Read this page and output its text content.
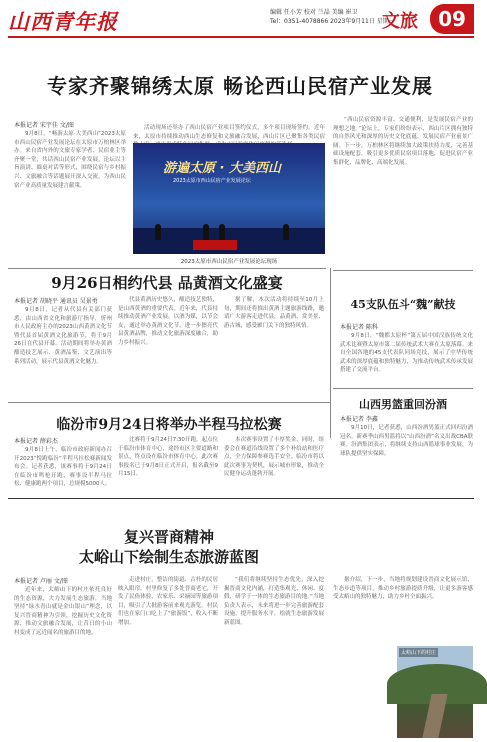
山西青年报	编辑 任小芳 校对 兰晶 美编 崔卫
Tel：0351-4078866 2023年9月11日 星期一
文旅	09
专家齐聚锦绣太原 畅论西山民宿产业发展
本报记者 宋宇佳 文/图

9月8日，“畅游太原·大美西山”2023太原市西山民宿产业发展论坛在太原市万柏林区举办。来自省内外的文旅专家学者、民宿业主等齐聚一堂，共话西山民宿产业发展。论坛以主旨演讲、圆桌对话等形式，围绕民宿与乡村振兴、文旅融合等话题展开深入交流，为西山民宿产业高质量发展建言献策。

活动现场还举办了西山民宿产业项目签约仪式，多个项目现场签约。近年来，太原市持续推动西山生态修复和文旅融合发展，西山片区已聚集各类民宿

游遍太原 · 大美西山
2023太原市西山民宿产业发展论坛
2023太原市西山民宿产业发展论坛现场

“西山民宿资源丰富、交通便利，是发展民宿产业的理想之地。”论坛上，专家们纷纷表示，西山片区拥有独特的自然风光和深厚的历史文化底蕴，发展民宿产业前景广阔。下一步，万柏林区将继续加大政策扶持力度，完善基础设施配套，吸引更多优质民宿项目落地，促进民宿产业集群化、品牌化、高端化发展。

9月26日相约代县 品黄酒文化盛宴
本报记者 胡晓平 通讯员 吴景勇

9月8日，记者从代县有关部门获悉，由山西省文化和旅游厅指导，忻州市人民政府主办的2023山西黄酒文化节暨代县首届黄酒文化旅游节，将于9月26日在代县开幕。活动期间将举办黄酒酿造技艺展示、黄酒品鉴、文艺演出等系列活动，展示代县黄酒文化魅力。

代县黄酒历史悠久，酿造技艺独特，是山西黄酒的重要代表。近年来，代县持续推动黄酒产业发展，以酒为媒，以节会友，通过举办黄酒文化节，进一步擦亮代县黄酒品牌，推动文化旅游深度融合，助力乡村振兴。

据了解，本次活动将持续至10月上旬，期间还将推出黄酒主题旅游线路，邀请广大游客走进代县，品黄酒、赏美景、游古城，感受雁门关下的独特风情。

45支队伍斗“魏”献技
本报记者 陈科

9月8日，“魏都太原杯”第五届中国汉族传统文化武术比赛暨太原市第二届传统武术大赛在太原落幕。来自全国各地的45支代表队同场竞技，展示了中华传统武术的深厚底蕴和独特魅力，为推动传统武术传承发展搭建了交流平台。

山西男篮重回汾酒
本报记者 李鑫

9月10日，记者获悉，山西汾酒男篮正式回归汾酒冠名。新赛季山西男篮将以“山西汾酒”名义出战CBA联赛。汾酒集团表示，将继续支持山西篮球事业发展，为球队提供坚实保障。

临汾市9月24日将举办半程马拉松赛
本报记者 薛彩杰

9月8日上午，临汾市政府新闻办召开2023“悦跑临汾”半程马拉松赛新闻发布会。记者获悉，该赛事将于9月24日在临汾市鸣枪开跑，赛事设半程马拉松、健康跑两个项目，总规模5000人。

比赛将于9月24日7:30开跑，起点位于临汾市体育中心，途经市区主要道路和景点，终点设在临汾市体育中心。此次赛事报名已于9月8日正式开启，报名截至9月15日。

本次赛事设置了丰厚奖金，同时，组委会在赛道沿线设置了多个补给站和医疗点，全力保障参赛选手安全。临汾市将以此次赛事为契机，展示城市形象，推动全民健身运动蓬勃开展。

复兴晋商精神
太峪山下绘制生态旅游蓝图
本报记者 卢丽 文/图

近年来，太峪山下的村庄依托良好的生态资源，大力发展生态旅游。当地坚持“绿水青山就是金山银山”理念，以复兴晋商精神为引领，挖掘历史文化资源，推动文旅融合发展，让昔日的小山村变成了远近闻名的旅游目的地。

走进村庄，整洁的街道、古朴的民居映入眼帘。村里修复了多处晋商老宅，开发了民俗体验、农家乐、采摘园等旅游项目，吸引了大批游客前来观光游览。村民们也在家门口吃上了“旅游饭”，收入不断增加。

“我们将继续坚持生态优先，深入挖掘晋商文化内涵，打造集观光、休闲、度假、研学于一体的生态旅游目的地。”当地负责人表示，未来将进一步完善旅游配套设施，提升服务水平，绘就生态旅游发展新蓝图。

据介绍，下一步，当地将规划建设晋商文化展示馆、生态步道等项目，推动乡村旅游提质升级，让更多游客感受太峪山的独特魅力，助力乡村全面振兴。

太峪山下的村庄
